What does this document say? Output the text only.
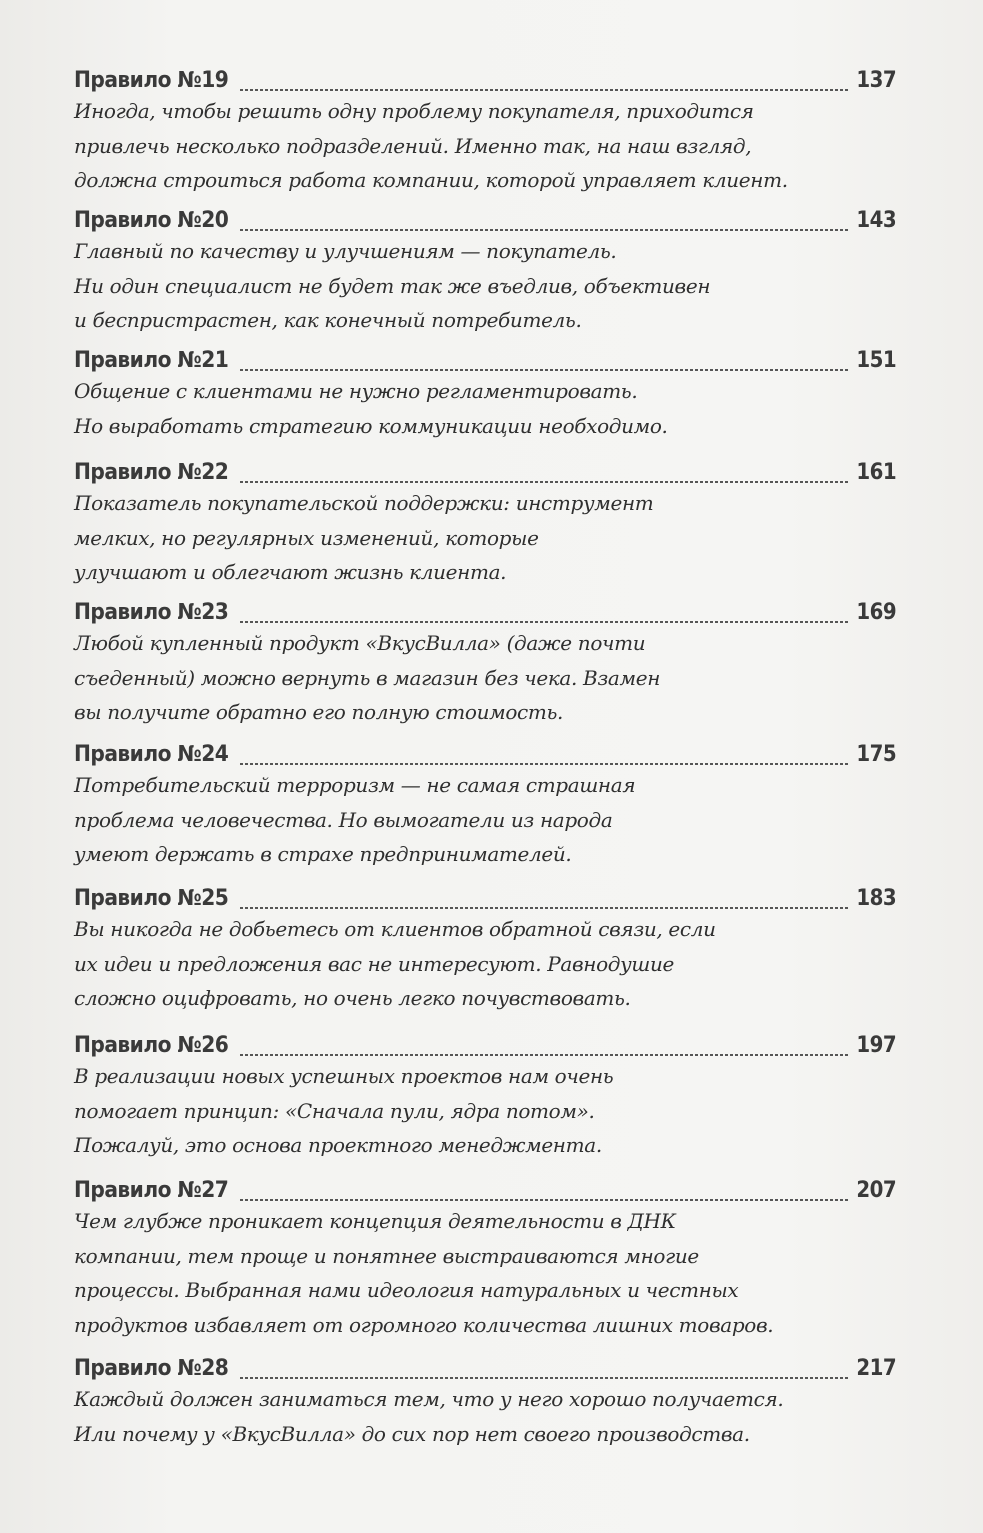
Правило №19	137
Иногда, чтобы решить одну проблему покупателя, приходится
привлечь несколько подразделений. Именно так, на наш взгляд,
должна строиться работа компании, которой управляет клиент.
Правило №20	143
Главный по качеству и улучшениям — покупатель.
Ни один специалист не будет так же въедлив, объективен
и беспристрастен, как конечный потребитель.
Правило №21	151
Общение с клиентами не нужно регламентировать.
Но выработать стратегию коммуникации необходимо.
Правило №22	161
Показатель покупательской поддержки: инструмент
мелких, но регулярных изменений, которые
улучшают и облегчают жизнь клиента.
Правило №23	169
Любой купленный продукт «ВкусВилла» (даже почти
съеденный) можно вернуть в магазин без чека. Взамен
вы получите обратно его полную стоимость.
Правило №24	175
Потребительский терроризм — не самая страшная
проблема человечества. Но вымогатели из народа
умеют держать в страхе предпринимателей.
Правило №25	183
Вы никогда не добьетесь от клиентов обратной связи, если
их идеи и предложения вас не интересуют. Равнодушие
сложно оцифровать, но очень легко почувствовать.
Правило №26	197
В реализации новых успешных проектов нам очень
помогает принцип: «Сначала пули, ядра потом».
Пожалуй, это основа проектного менеджмента.
Правило №27	207
Чем глубже проникает концепция деятельности в ДНК
компании, тем проще и понятнее выстраиваются многие
процессы. Выбранная нами идеология натуральных и честных
продуктов избавляет от огромного количества лишних товаров.
Правило №28	217
Каждый должен заниматься тем, что у него хорошо получается.
Или почему у «ВкусВилла» до сих пор нет своего производства.
